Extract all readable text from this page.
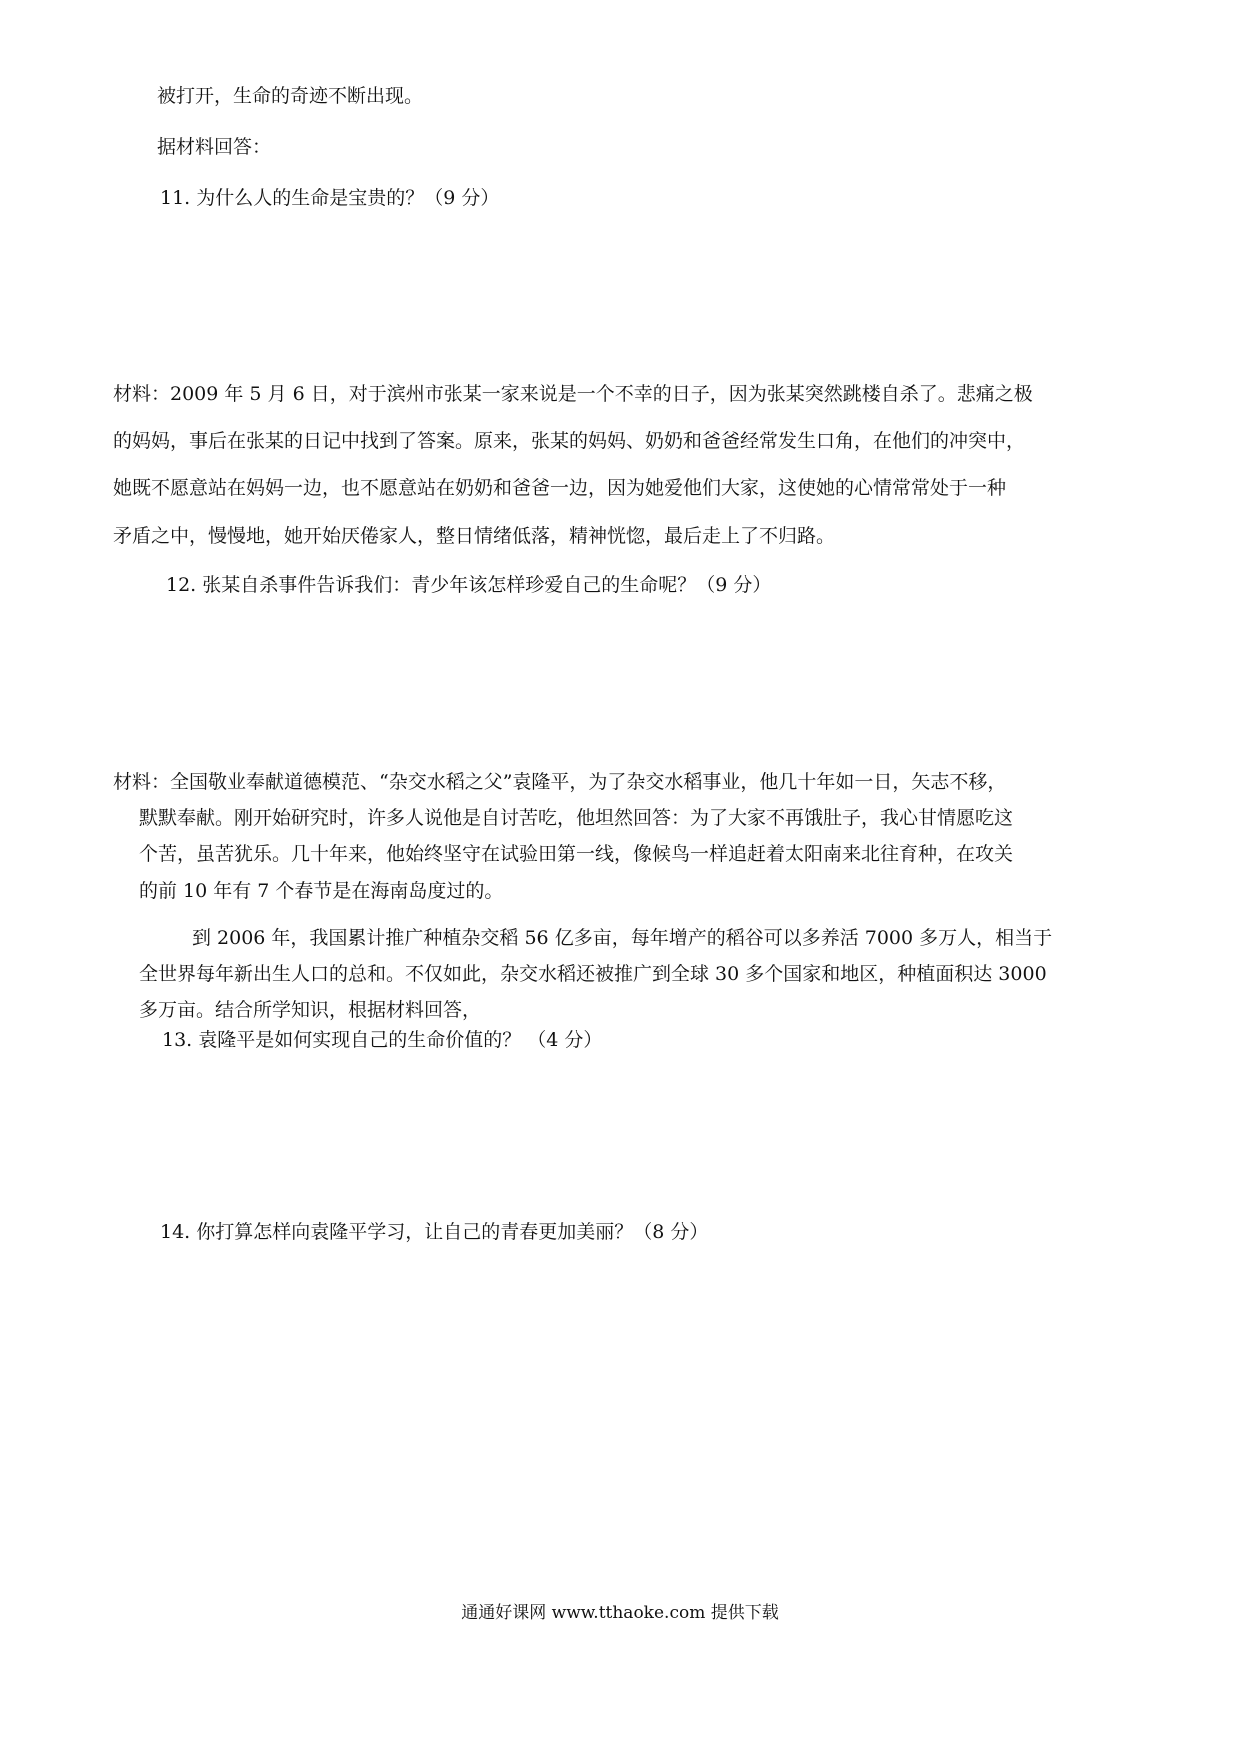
被打开，生命的奇迹不断出现。
据材料回答：
11. 为什么人的生命是宝贵的？（9 分）
材料：2009 年 5 月 6 日，对于滨州市张某一家来说是一个不幸的日子，因为张某突然跳楼自杀了。悲痛之极
的妈妈，事后在张某的日记中找到了答案。原来，张某的妈妈、奶奶和爸爸经常发生口角，在他们的冲突中，
她既不愿意站在妈妈一边，也不愿意站在奶奶和爸爸一边，因为她爱他们大家，这使她的心情常常处于一种
矛盾之中，慢慢地，她开始厌倦家人，整日情绪低落，精神恍惚，最后走上了不归路。
12. 张某自杀事件告诉我们：青少年该怎样珍爱自己的生命呢？（9 分）
材料：全国敬业奉献道德模范、“杂交水稻之父”袁隆平，为了杂交水稻事业，他几十年如一日，矢志不移，
默默奉献。刚开始研究时，许多人说他是自讨苦吃，他坦然回答：为了大家不再饿肚子，我心甘情愿吃这
个苦，虽苦犹乐。几十年来，他始终坚守在试验田第一线，像候鸟一样追赶着太阳南来北往育种，在攻关
的前 10 年有 7 个春节是在海南岛度过的。
到 2006 年，我国累计推广种植杂交稻 56 亿多亩，每年增产的稻谷可以多养活 7000 多万人，相当于
全世界每年新出生人口的总和。不仅如此，杂交水稻还被推广到全球 30 多个国家和地区，种植面积达 3000
多万亩。结合所学知识，根据材料回答，
13. 袁隆平是如何实现自己的生命价值的？ （4 分）
14. 你打算怎样向袁隆平学习，让自己的青春更加美丽？（8 分）
通通好课网 www.tthaoke.com 提供下载
